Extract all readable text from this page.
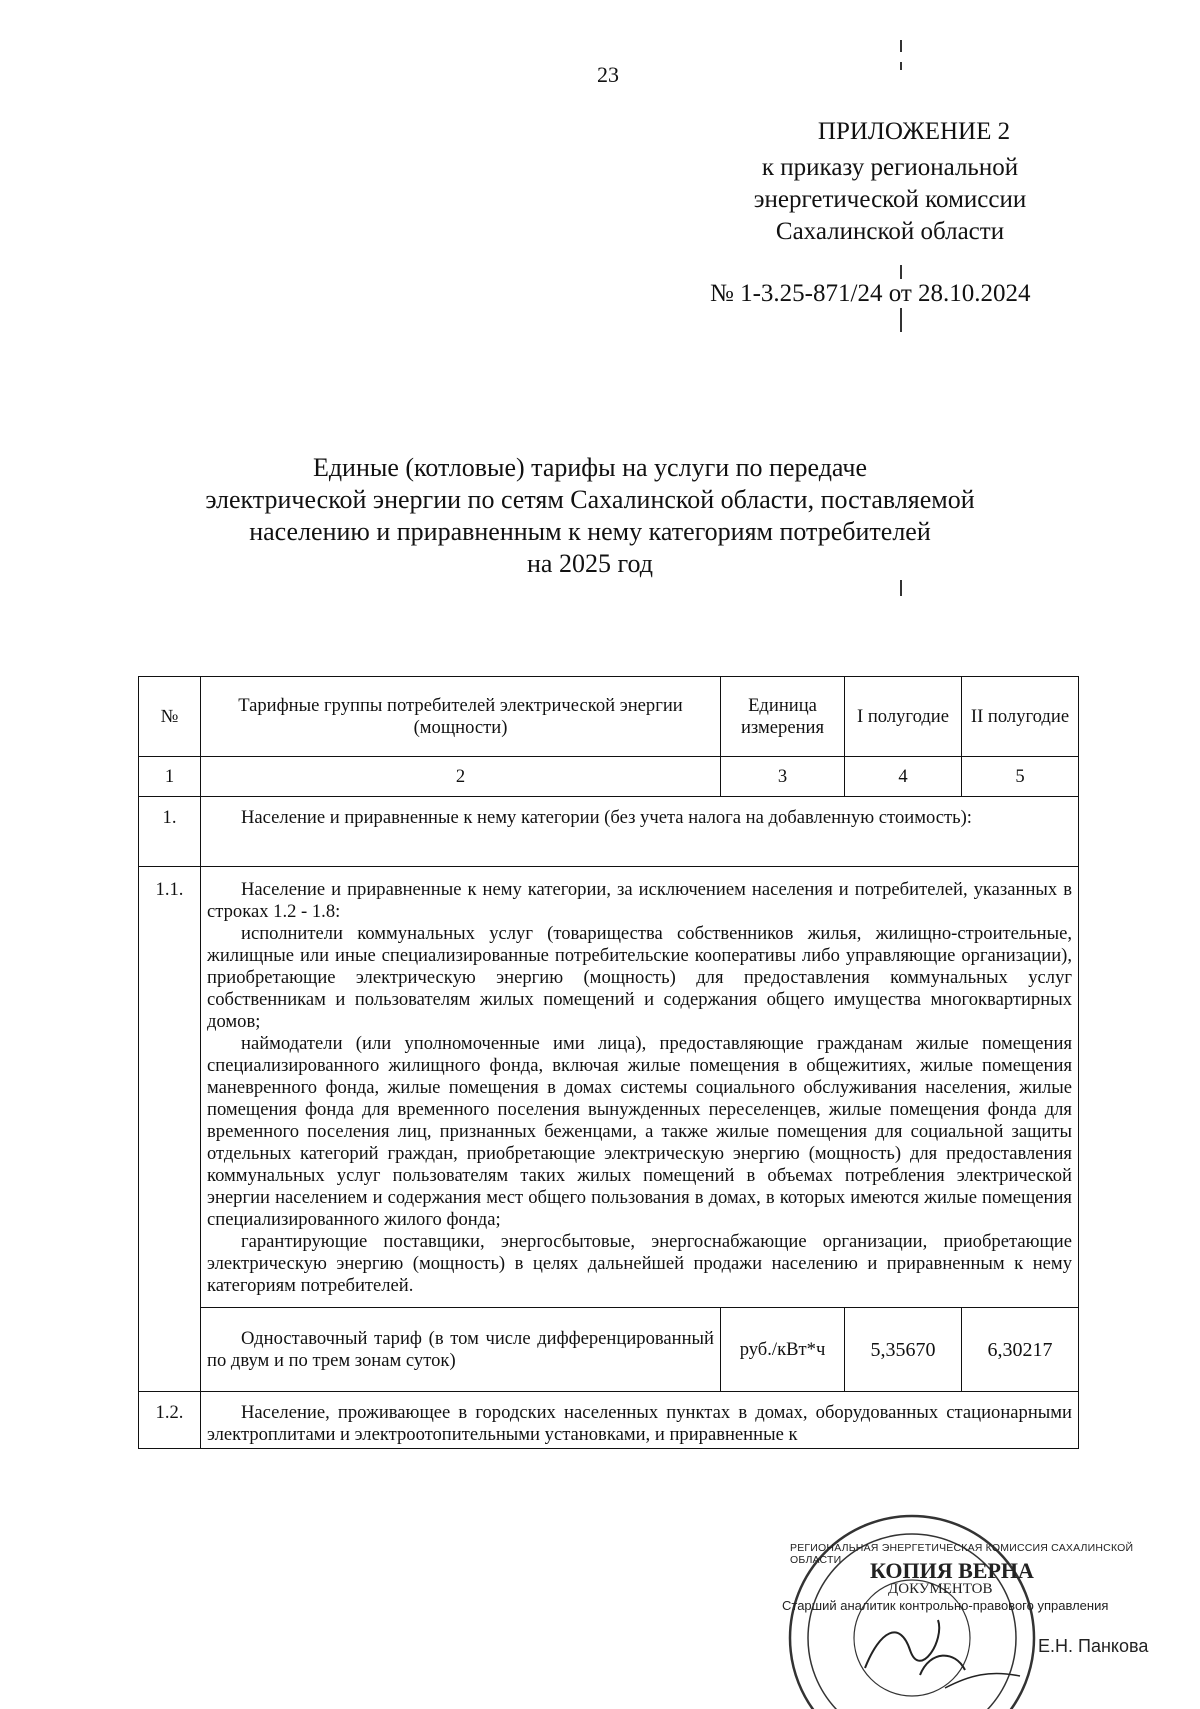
23
ПРИЛОЖЕНИЕ 2
к приказу региональной
энергетической комиссии
Сахалинской области
№ 1-3.25-871/24 от 28.10.2024
Единые (котловые) тарифы на услуги по передаче
электрической энергии по сетям Сахалинской области, поставляемой
населению и приравненным к нему категориям потребителей
на 2025 год
№	Тарифные группы потребителей электрической энергии (мощности)	Единица измерения	I полугодие	II полугодие
1	2	3	4	5
1.	Население и приравненные к нему категории (без учета налога на добавленную стоимость):			

1.1.	Население и приравненные к нему категории, за исключением населения и потребителей, указанных в строках 1.2 - 1.8:
исполнители коммунальных услуг (товарищества собственников жилья, жилищно-строительные, жилищные или иные специализированные потребительские кооперативы либо управляющие организации), приобретающие электрическую энергию (мощность) для предоставления коммунальных услуг собственникам и пользователям жилых помещений и содержания общего имущества многоквартирных домов;
наймодатели (или уполномоченные ими лица), предоставляющие гражданам жилые помещения специализированного жилищного фонда, включая жилые помещения в общежитиях, жилые помещения маневренного фонда, жилые помещения в домах системы социального обслуживания населения, жилые помещения фонда для временного поселения вынужденных переселенцев, жилые помещения фонда для временного поселения лиц, признанных беженцами, а также жилые помещения для социальной защиты отдельных категорий граждан, приобретающие электрическую энергию (мощность) для предоставления коммунальных услуг пользователям таких жилых помещений в объемах потребления электрической энергии населением и содержания мест общего пользования в домах, в которых имеются жилые помещения специализированного жилого фонда;
гарантирующие поставщики, энергосбытовые, энергоснабжающие организации, приобретающие электрическую энергию (мощность) в целях дальнейшей продажи населению и приравненным к нему категориям потребителей.			

	Одноставочный тариф (в том числе дифференцированный по двум и по трем зонам суток)	руб./кВт*ч	5,35670	6,30217
1.2.	Население, проживающее в городских населенных пунктах в домах, оборудованных стационарными электроплитами и электроотопительными установками, и приравненные к			
РЕГИОНАЛЬНАЯ ЭНЕРГЕТИЧЕСКАЯ КОМИССИЯ САХАЛИНСКОЙ ОБЛАСТИ	КОПИЯ ВЕРНА
ДОКУМЕНТОВ
Старший аналитик контрольно-правового управления
Е.Н. Панкова
